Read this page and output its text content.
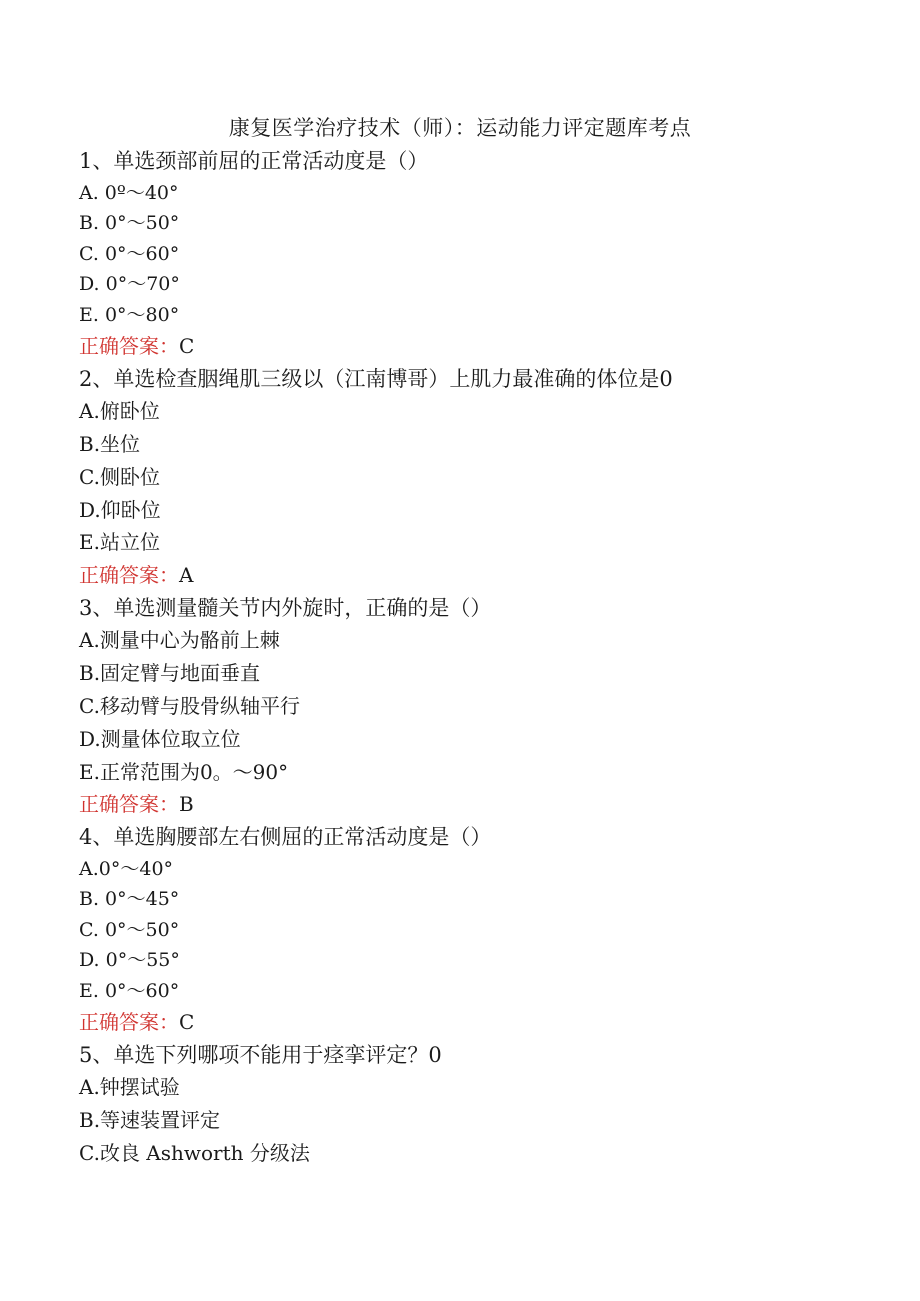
康复医学治疗技术（师）：运动能力评定题库考点
1、单选颈部前屈的正常活动度是（）
A. 0º～40°
B. 0°～50°
C. 0°～60°
D. 0°～70°
E. 0°～80°
正确答案：C
2、单选检查胭绳肌三级以（江南博哥）上肌力最准确的体位是0
A.俯卧位
B.坐位
C.侧卧位
D.仰卧位
E.站立位
正确答案：A
3、单选测量髓关节内外旋时，正确的是（）
A.测量中心为骼前上棘
B.固定臂与地面垂直
C.移动臂与股骨纵轴平行
D.测量体位取立位
E.正常范围为0。～90°
正确答案：B
4、单选胸腰部左右侧屈的正常活动度是（）
A.0°～40°
B. 0°～45°
C. 0°～50°
D. 0°～55°
E. 0°～60°
正确答案：C
5、单选下列哪项不能用于痉挛评定？0
A.钟摆试验
B.等速装置评定
C.改良 Ashworth 分级法
